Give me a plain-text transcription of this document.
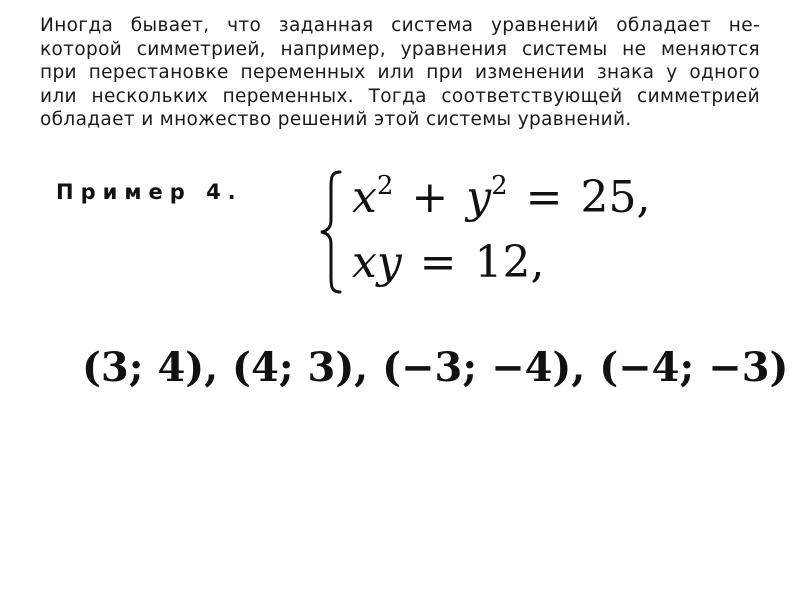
Иногда бывает, что заданная система уравнений обладает не-
которой симметрией, например, уравнения системы не меняются
при перестановке переменных или при изменении знака у одного
или нескольких переменных. Тогда соответствующей симметрией
обладает и множество решений этой системы уравнений.

Пример 4. $x^2 + y^2 = 25$,
xy = 12,
(3; 4), (4; 3), (−3; −4), (−4; −3)
